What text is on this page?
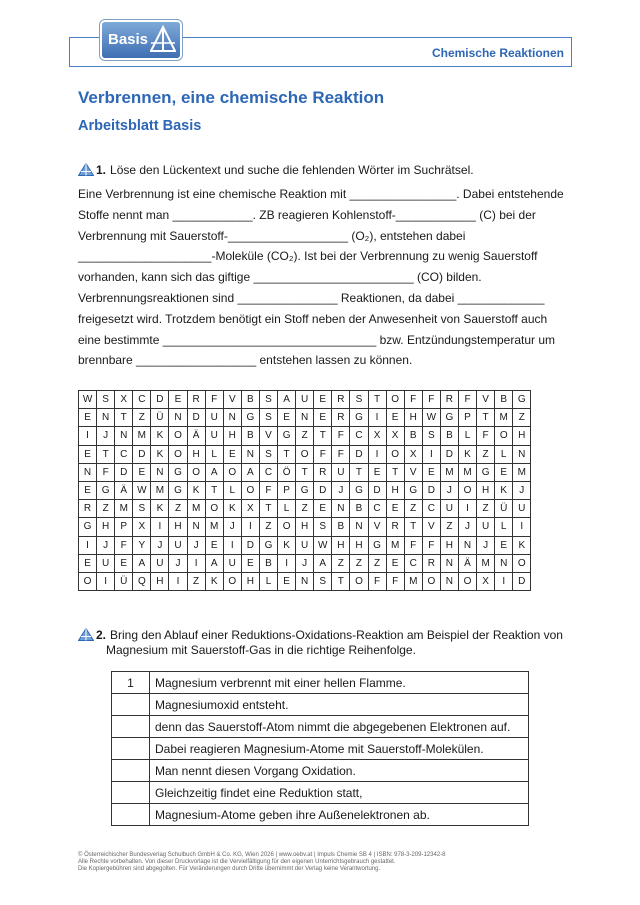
Basis
Chemische Reaktionen
Verbrennen, eine chemische Reaktion
Arbeitsblatt Basis
1. Löse den Lückentext und suche die fehlenden Wörter im Suchrätsel.
Eine Verbrennung ist eine chemische Reaktion mit ________________. Dabei entstehende
Stoffe nennt man ____________. ZB reagieren Kohlenstoff-____________ (C) bei der
Verbrennung mit Sauerstoff-__________________ (O₂), entstehen dabei
____________________-Moleküle (CO₂). Ist bei der Verbrennung zu wenig Sauerstoff
vorhanden, kann sich das giftige ________________________ (CO) bilden.
Verbrennungsreaktionen sind _______________ Reaktionen, da dabei _____________
freigesetzt wird. Trotzdem benötigt ein Stoff neben der Anwesenheit von Sauerstoff auch
eine bestimmte ________________________________ bzw. Entzündungstemperatur um
brennbare __________________ entstehen lassen zu können.
W	S	X	C	D	E	R	F	V	B	S	A	U	E	R	S	T	O	F	F	R	F	V	B	G
E	N	T	Z	Ü	N	D	U	N	G	S	E	N	E	R	G	I	E	H	W	G	P	T	M	Z
I	J	N	M	K	O	Ä	U	H	B	V	G	Z	T	F	C	X	X	B	S	B	L	F	O	H
E	T	C	D	K	O	H	L	E	N	S	T	O	F	F	D	I	O	X	I	D	K	Z	L	N
N	F	D	E	N	G	O	A	O	A	C	Ö	T	R	U	T	E	T	V	E	M	M	G	E	M
E	G	Ä	W	M	G	K	T	L	O	F	P	G	D	J	G	D	H	G	D	J	O	H	K	J
R	Z	M	S	K	Z	M	O	K	X	T	L	Z	E	N	B	C	E	Z	C	U	I	Z	Ü	U
G	H	P	X	I	H	N	M	J	I	Z	O	H	S	B	N	V	R	T	V	Z	J	U	L	I
I	J	F	Y	J	U	J	E	I	D	G	K	U	W	H	H	G	M	F	F	H	N	J	E	K
E	U	E	A	U	J	I	A	U	E	B	I	J	A	Z	Z	Z	E	C	R	N	Ä	M	N	O
O	I	Ü	Q	H	I	Z	K	O	H	L	E	N	S	T	O	F	F	M	O	N	O	X	I	D
2. Bring den Ablauf einer Reduktions-Oxidations-Reaktion am Beispiel der Reaktion von
Magnesium mit Sauerstoff-Gas in die richtige Reihenfolge.
1	Magnesium verbrennt mit einer hellen Flamme.
	Magnesiumoxid entsteht.
	denn das Sauerstoff-Atom nimmt die abgegebenen Elektronen auf.
	Dabei reagieren Magnesium-Atome mit Sauerstoff-Molekülen.
	Man nennt diesen Vorgang Oxidation.
	Gleichzeitig findet eine Reduktion statt,
	Magnesium-Atome geben ihre Außenelektronen ab.
© Österreichischer Bundesverlag Schulbuch GmbH & Co. KG, Wien 2026 | www.oebv.at | Impuls Chemie SB 4 | ISBN: 978-3-209-12342-8
Alle Rechte vorbehalten. Von dieser Druckvorlage ist die Vervielfältigung für den eigenen Unterrichtsgebrauch gestattet.
Die Kopiergebühren sind abgegolten. Für Veränderungen durch Dritte übernimmt der Verlag keine Verantwortung.
